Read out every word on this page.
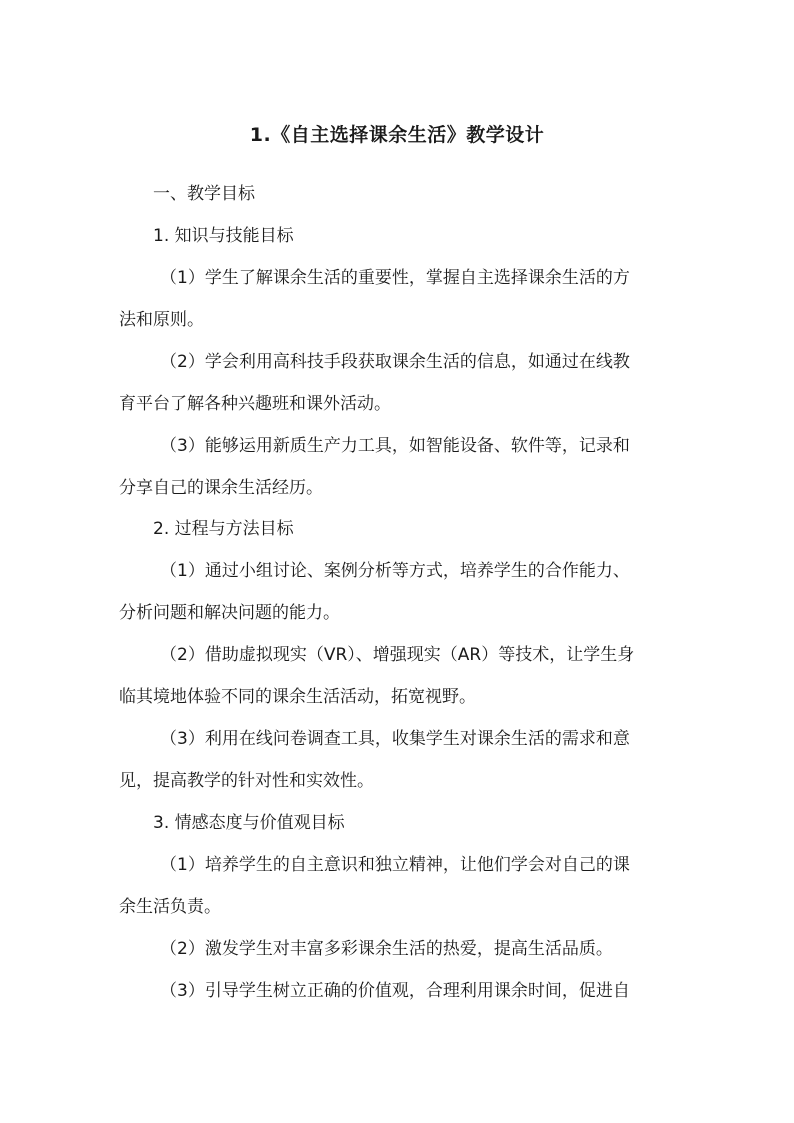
1.《自主选择课余生活》教学设计
一、教学目标
1. 知识与技能目标
（1）学生了解课余生活的重要性，掌握自主选择课余生活的方
法和原则。
（2）学会利用高科技手段获取课余生活的信息，如通过在线教
育平台了解各种兴趣班和课外活动。
（3）能够运用新质生产力工具，如智能设备、软件等，记录和
分享自己的课余生活经历。
2. 过程与方法目标
（1）通过小组讨论、案例分析等方式，培养学生的合作能力、
分析问题和解决问题的能力。
（2）借助虚拟现实（VR）、增强现实（AR）等技术，让学生身
临其境地体验不同的课余生活活动，拓宽视野。
（3）利用在线问卷调查工具，收集学生对课余生活的需求和意
见，提高教学的针对性和实效性。
3. 情感态度与价值观目标
（1）培养学生的自主意识和独立精神，让他们学会对自己的课
余生活负责。
（2）激发学生对丰富多彩课余生活的热爱，提高生活品质。
（3）引导学生树立正确的价值观，合理利用课余时间，促进自
